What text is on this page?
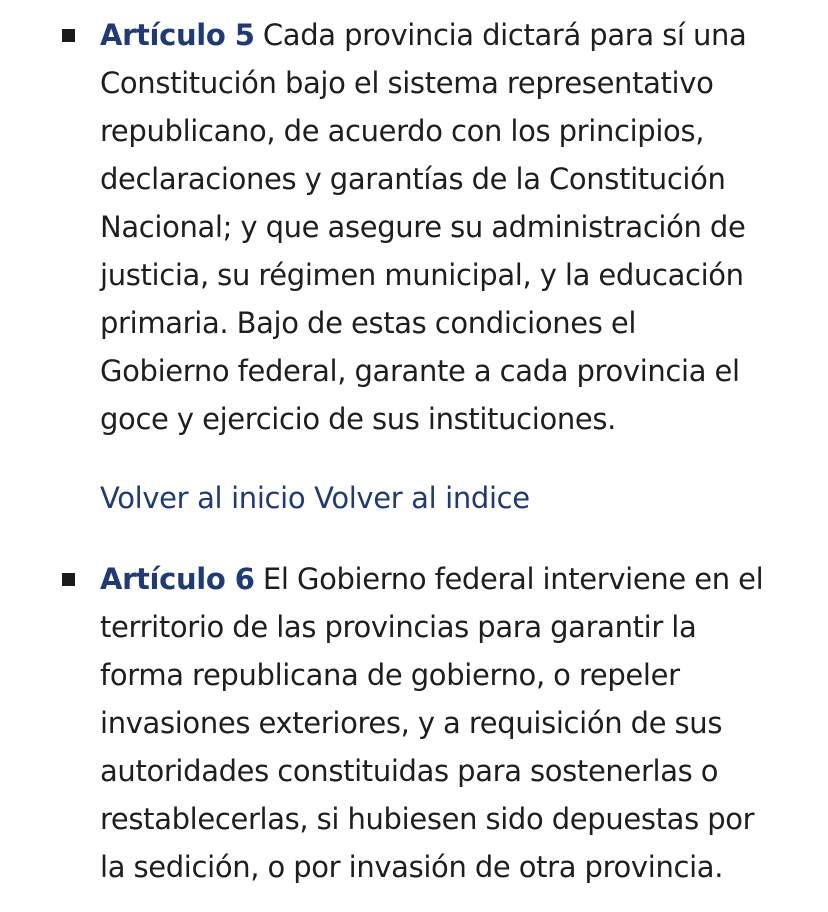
Artículo 5 Cada provincia dictará para sí una
Constitución bajo el sistema representativo
republicano, de acuerdo con los principios,
declaraciones y garantías de la Constitución
Nacional; y que asegure su administración de
justicia, su régimen municipal, y la educación
primaria. Bajo de estas condiciones el
Gobierno federal, garante a cada provincia el
goce y ejercicio de sus instituciones.

Volver al inicio Volver al indice

Artículo 6 El Gobierno federal interviene en el
territorio de las provincias para garantir la
forma republicana de gobierno, o repeler
invasiones exteriores, y a requisición de sus
autoridades constituidas para sostenerlas o
restablecerlas, si hubiesen sido depuestas por
la sedición, o por invasión de otra provincia.
